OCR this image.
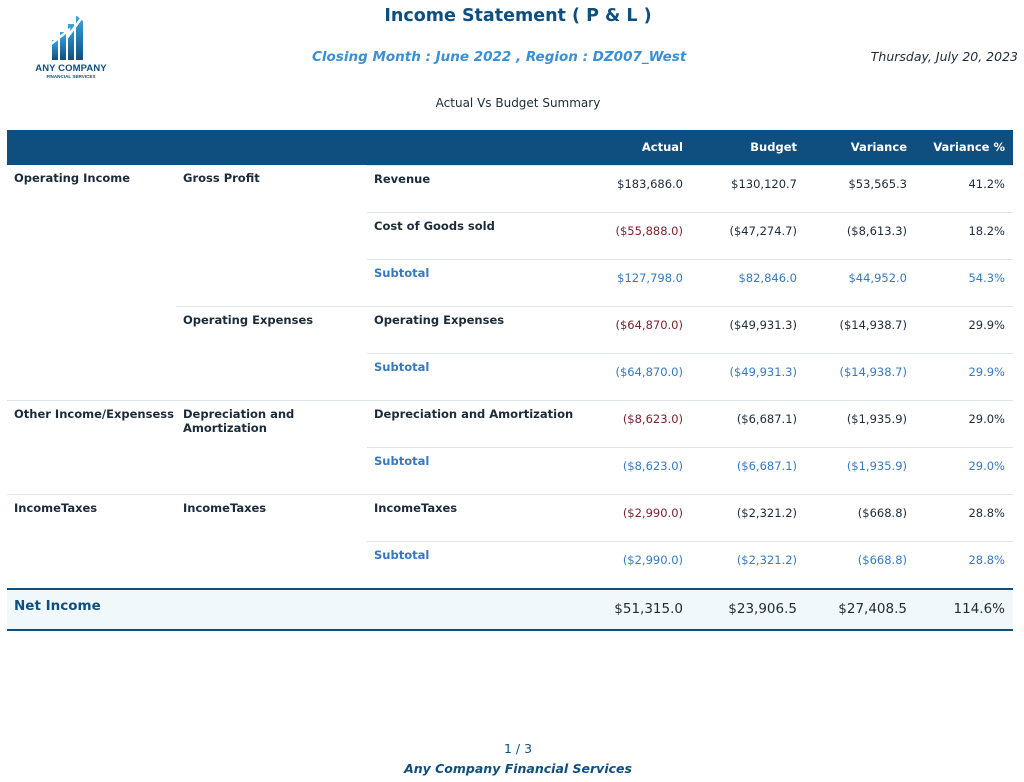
ANY COMPANY
FINANCIAL SERVICES
Income Statement ( P & L )
Closing Month : June 2022 , Region : DZ007_West	Thursday, July 20, 2023
Actual Vs Budget Summary
			Actual	Budget	Variance	Variance %
Operating Income	Gross Profit	Revenue	$183,686.0	$130,120.7	$53,565.3	41.2%
		Cost of Goods sold	($55,888.0)	($47,274.7)	($8,613.3)	18.2%
		Subtotal	$127,798.0	$82,846.0	$44,952.0	54.3%
	Operating Expenses	Operating Expenses	($64,870.0)	($49,931.3)	($14,938.7)	29.9%
		Subtotal	($64,870.0)	($49,931.3)	($14,938.7)	29.9%
Other Income/Expensess	Depreciation and Amortization	Depreciation and Amortization	($8,623.0)	($6,687.1)	($1,935.9)	29.0%
		Subtotal	($8,623.0)	($6,687.1)	($1,935.9)	29.0%
IncomeTaxes	IncomeTaxes	IncomeTaxes	($2,990.0)	($2,321.2)	($668.8)	28.8%
		Subtotal	($2,990.0)	($2,321.2)	($668.8)	28.8%
Net Income			$51,315.0	$23,906.5	$27,408.5	114.6%
1 / 3
Any Company Financial Services
